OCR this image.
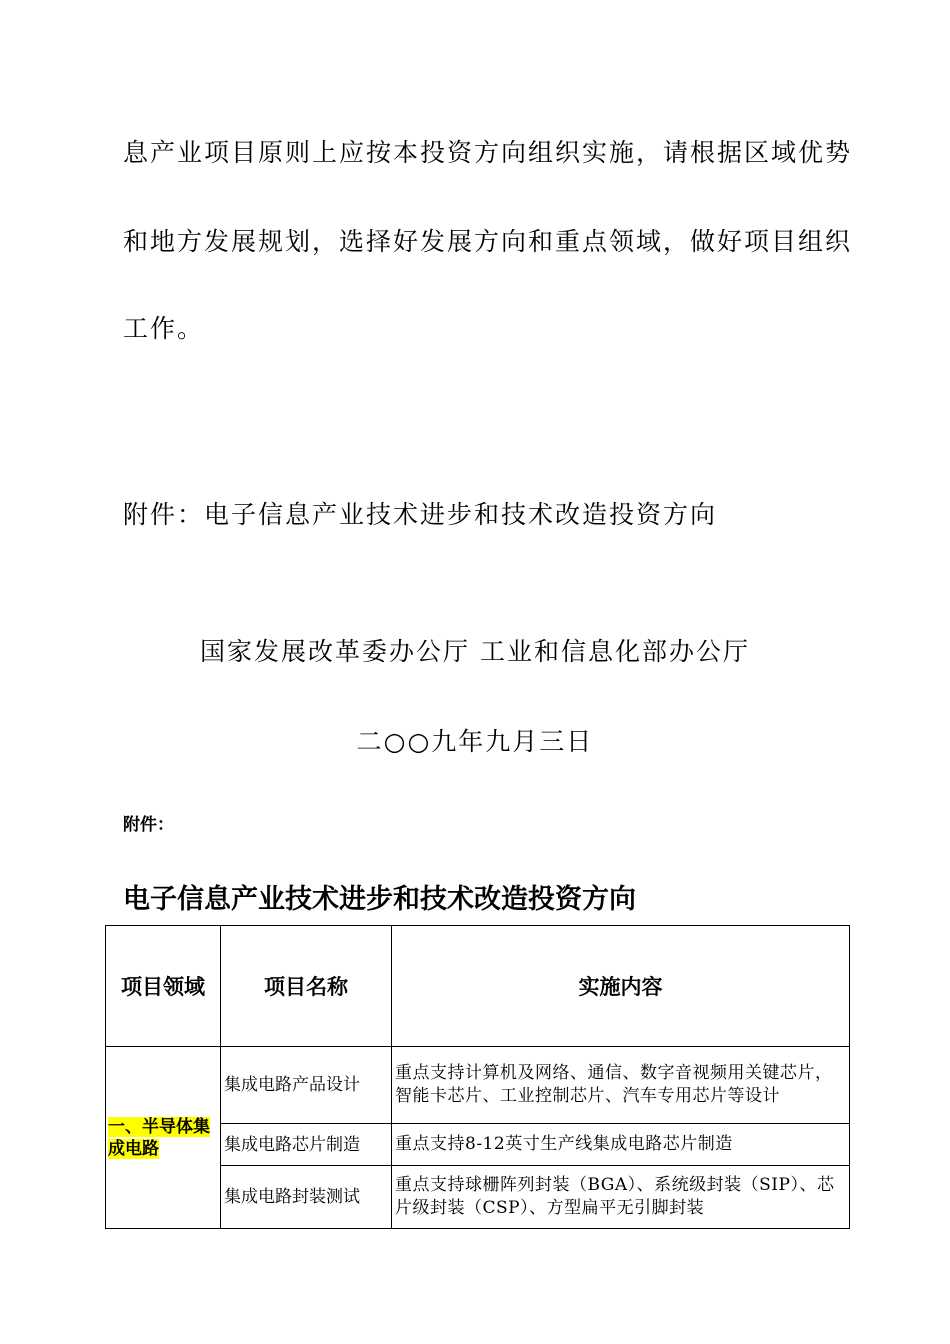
息产业项目原则上应按本投资方向组织实施，请根据区域优势
和地方发展规划，选择好发展方向和重点领域，做好项目组织
工作。
附件：电子信息产业技术进步和技术改造投资方向
国家发展改革委办公厅 工业和信息化部办公厅
二○○九年九月三日
附件：
电子信息产业技术进步和技术改造投资方向
项目领域	项目名称	实施内容
一、半导体集成电路	集成电路产品设计	重点支持计算机及网络、通信、数字音视频用关键芯片，智能卡芯片、工业控制芯片、汽车专用芯片等设计
	集成电路芯片制造	重点支持8-12英寸生产线集成电路芯片制造
	集成电路封装测试	重点支持球栅阵列封装（BGA）、系统级封装（SIP）、芯片级封装（CSP）、方型扁平无引脚封装
